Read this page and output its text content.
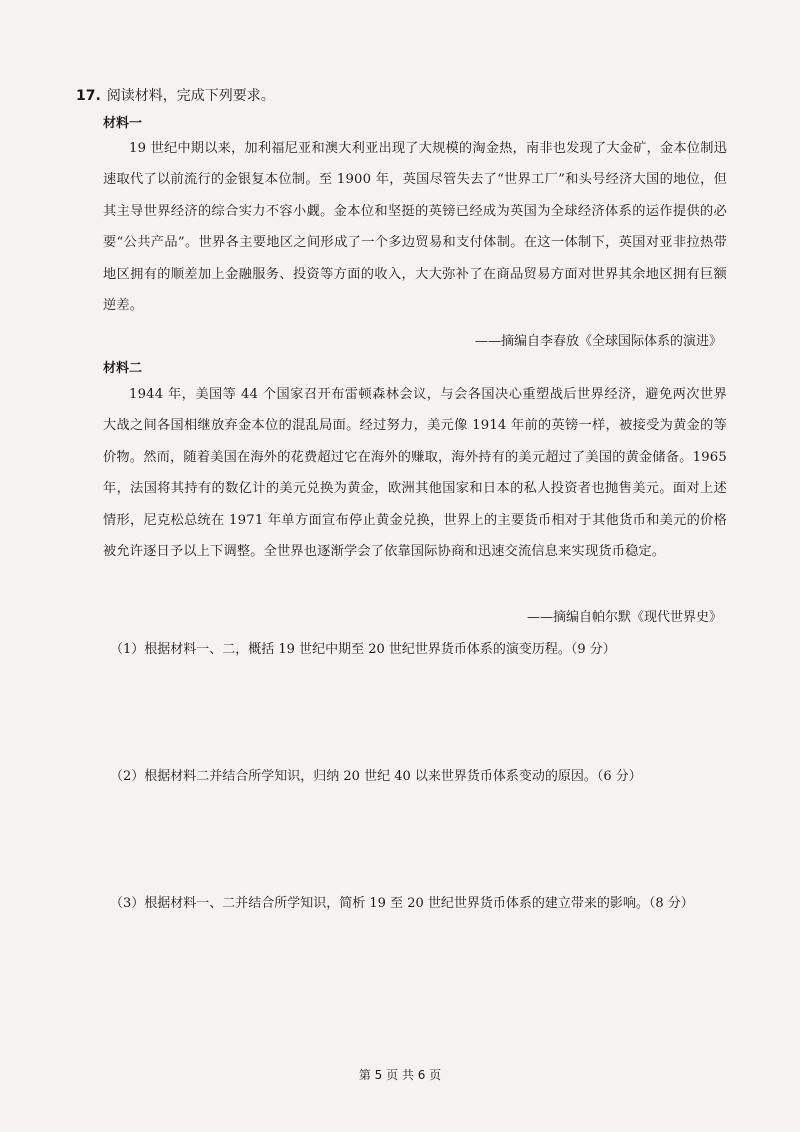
17. 阅读材料，完成下列要求。
材料一
19 世纪中期以来，加利福尼亚和澳大利亚出现了大规模的淘金热，南非也发现了大金矿，金本位制迅速取代了以前流行的金银复本位制。至 1900 年，英国尽管失去了“世界工厂”和头号经济大国的地位，但其主导世界经济的综合实力不容小觑。金本位和坚挺的英镑已经成为英国为全球经济体系的运作提供的必要“公共产品”。世界各主要地区之间形成了一个多边贸易和支付体制。在这一体制下，英国对亚非拉热带地区拥有的顺差加上金融服务、投资等方面的收入，大大弥补了在商品贸易方面对世界其余地区拥有巨额逆差。
——摘编自李春放《全球国际体系的演进》
材料二
1944 年，美国等 44 个国家召开布雷顿森林会议，与会各国决心重塑战后世界经济，避免两次世界大战之间各国相继放弃金本位的混乱局面。经过努力，美元像 1914 年前的英镑一样，被接受为黄金的等价物。然而，随着美国在海外的花费超过它在海外的赚取，海外持有的美元超过了美国的黄金储备。1965 年，法国将其持有的数亿计的美元兑换为黄金，欧洲其他国家和日本的私人投资者也抛售美元。面对上述情形，尼克松总统在 1971 年单方面宣布停止黄金兑换，世界上的主要货币相对于其他货币和美元的价格被允许逐日予以上下调整。全世界也逐渐学会了依靠国际协商和迅速交流信息来实现货币稳定。
——摘编自帕尔默《现代世界史》
（1）根据材料一、二，概括 19 世纪中期至 20 世纪世界货币体系的演变历程。（9 分）
（2）根据材料二并结合所学知识，归纳 20 世纪 40 以来世界货币体系变动的原因。（6 分）
（3）根据材料一、二并结合所学知识，简析 19 至 20 世纪世界货币体系的建立带来的影响。（8 分）
第 5 页 共 6 页
